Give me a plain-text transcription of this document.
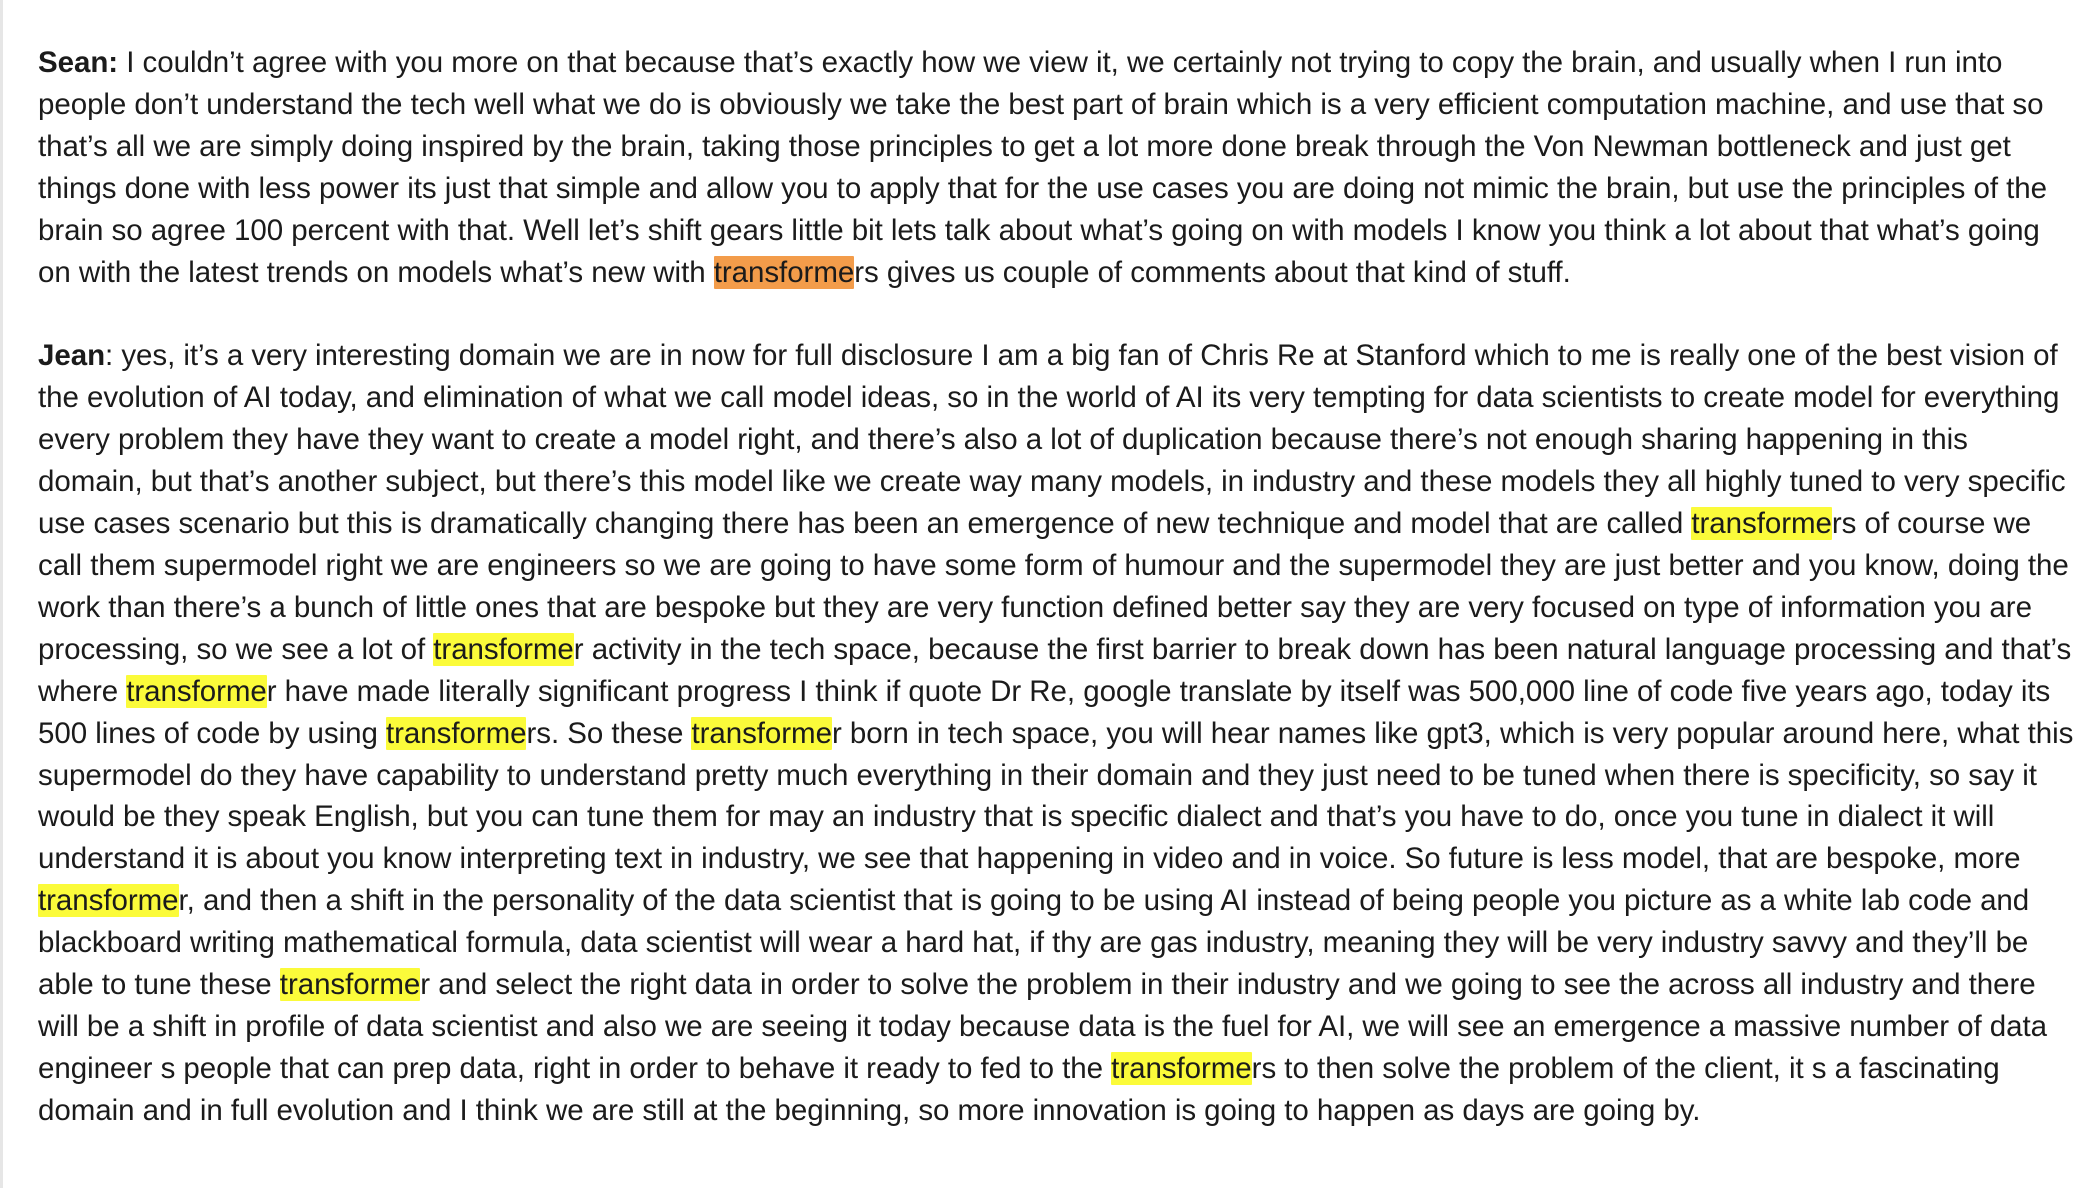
Sean: I couldn’t agree with you more on that because that’s exactly how we view it, we certainly not trying to copy the brain, and usually when I run into people don’t understand the tech well what we do is obviously we take the best part of brain which is a very efficient computation machine, and use that so that’s all we are simply doing inspired by the brain, taking those principles to get a lot more done break through the Von Newman bottleneck and just get things done with less power its just that simple and allow you to apply that for the use cases you are doing not mimic the brain, but use the principles of the brain so agree 100 percent with that. Well let’s shift gears little bit lets talk about what’s going on with models I know you think a lot about that what’s going on with the latest trends on models what’s new with transformers gives us couple of comments about that kind of stuff.

Jean: yes, it’s a very interesting domain we are in now for full disclosure I am a big fan of Chris Re at Stanford which to me is really one of the best vision of the evolution of AI today, and elimination of what we call model ideas, so in the world of AI its very tempting for data scientists to create model for everything every problem they have they want to create a model right, and there’s also a lot of duplication because there’s not enough sharing happening in this domain, but that’s another subject, but there’s this model like we create way many models, in industry and these models they all highly tuned to very specific use cases scenario but this is dramatically changing there has been an emergence of new technique and model that are called transformers of course we call them supermodel right we are engineers so we are going to have some form of humour and the supermodel they are just better and you know, doing the work than there’s a bunch of little ones that are bespoke but they are very function defined better say they are very focused on type of information you are processing, so we see a lot of transformer activity in the tech space, because the first barrier to break down has been natural language processing and that’s where transformer have made literally significant progress I think if quote Dr Re, google translate by itself was 500,000 line of code five years ago, today its 500 lines of code by using transformers. So these transformer born in tech space, you will hear names like gpt3, which is very popular around here, what this supermodel do they have capability to understand pretty much everything in their domain and they just need to be tuned when there is specificity, so say it would be they speak English, but you can tune them for may an industry that is specific dialect and that’s you have to do, once you tune in dialect it will understand it is about you know interpreting text in industry, we see that happening in video and in voice. So future is less model, that are bespoke, more transformer, and then a shift in the personality of the data scientist that is going to be using AI instead of being people you picture as a white lab code and blackboard writing mathematical formula, data scientist will wear a hard hat, if thy are gas industry, meaning they will be very industry savvy and they’ll be able to tune these transformer and select the right data in order to solve the problem in their industry and we going to see the across all industry and there will be a shift in profile of data scientist and also we are seeing it today because data is the fuel for AI, we will see an emergence a massive number of data engineer s people that can prep data, right in order to behave it ready to fed to the transformers to then solve the problem of the client, it s a fascinating domain and in full evolution and I think we are still at the beginning, so more innovation is going to happen as days are going by.
